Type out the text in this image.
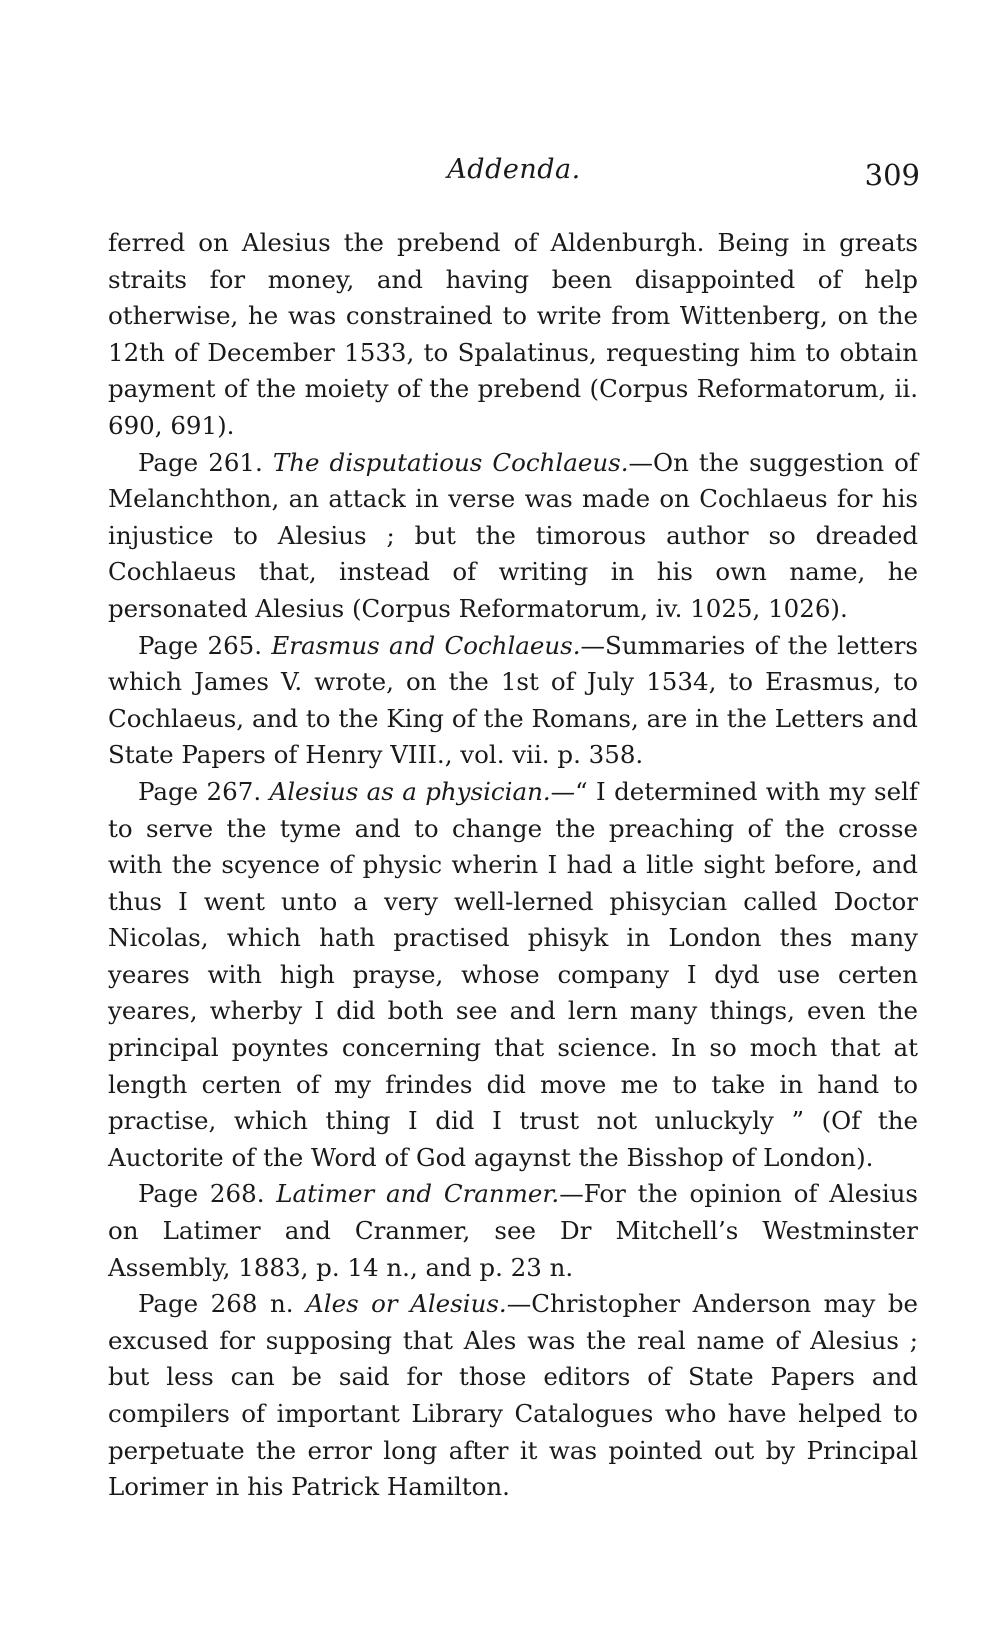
Addenda.	309

ferred on Alesius the prebend of Aldenburgh. Being in greats straits for money, and having been disappointed of help otherwise, he was constrained to write from Wittenberg, on the 12th of December 1533, to Spalatinus, requesting him to obtain payment of the moiety of the prebend (Corpus Reformatorum, ii. 690, 691).

Page 261. The disputatious Cochlaeus.—On the suggestion of Melanchthon, an attack in verse was made on Cochlaeus for his injustice to Alesius ; but the timorous author so dreaded Cochlaeus that, instead of writing in his own name, he personated Alesius (Corpus Reformatorum, iv. 1025, 1026).

Page 265. Erasmus and Cochlaeus.—Summaries of the letters which James V. wrote, on the 1st of July 1534, to Erasmus, to Cochlaeus, and to the King of the Romans, are in the Letters and State Papers of Henry VIII., vol. vii. p. 358.

Page 267. Alesius as a physician.—“ I determined with my self to serve the tyme and to change the preaching of the crosse with the scyence of physic wherin I had a litle sight before, and thus I went unto a very well-lerned phisycian called Doctor Nicolas, which hath practised phisyk in London thes many yeares with high prayse, whose company I dyd use certen yeares, wherby I did both see and lern many things, even the principal poyntes concerning that science. In so moch that at length certen of my frindes did move me to take in hand to practise, which thing I did I trust not unluckyly ” (Of the Auctorite of the Word of God agaynst the Bisshop of London).

Page 268. Latimer and Cranmer.—For the opinion of Alesius on Latimer and Cranmer, see Dr Mitchell’s Westminster Assembly, 1883, p. 14 n., and p. 23 n.

Page 268 n. Ales or Alesius.—Christopher Anderson may be excused for supposing that Ales was the real name of Alesius ; but less can be said for those editors of State Papers and compilers of important Library Catalogues who have helped to perpetuate the error long after it was pointed out by Principal Lorimer in his Patrick Hamilton.
